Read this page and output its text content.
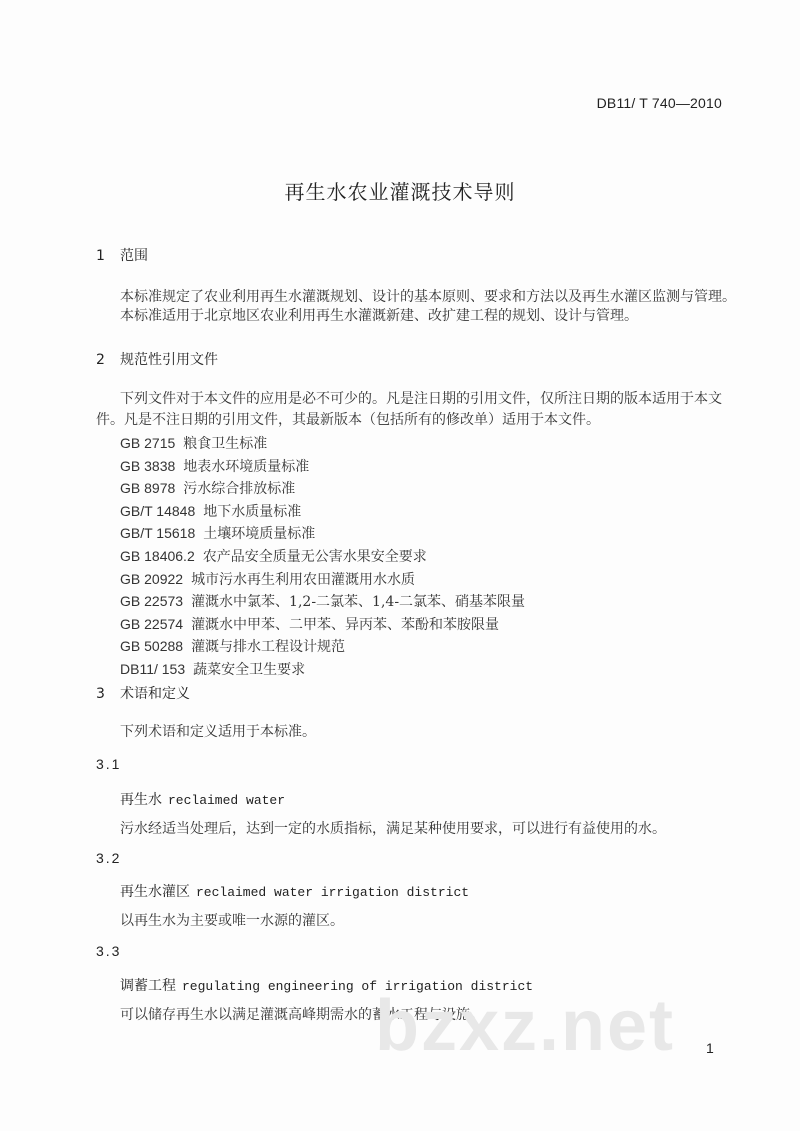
DB11/ T 740—2010
再生水农业灌溉技术导则
1 范围
本标准规定了农业利用再生水灌溉规划、设计的基本原则、要求和方法以及再生水灌区监测与管理。
本标准适用于北京地区农业利用再生水灌溉新建、改扩建工程的规划、设计与管理。
2 规范性引用文件
下列文件对于本文件的应用是必不可少的。凡是注日期的引用文件，仅所注日期的版本适用于本文件。凡是不注日期的引用文件，其最新版本（包括所有的修改单）适用于本文件。
GB 2715 粮食卫生标准
GB 3838 地表水环境质量标准
GB 8978 污水综合排放标准
GB/T 14848 地下水质量标准
GB/T 15618 土壤环境质量标准
GB 18406.2 农产品安全质量无公害水果安全要求
GB 20922 城市污水再生利用农田灌溉用水水质
GB 22573 灌溉水中氯苯、1,2-二氯苯、1,4-二氯苯、硝基苯限量
GB 22574 灌溉水中甲苯、二甲苯、异丙苯、苯酚和苯胺限量
GB 50288 灌溉与排水工程设计规范
DB11/ 153 蔬菜安全卫生要求
3 术语和定义
下列术语和定义适用于本标准。
3.1
再生水 reclaimed water
污水经适当处理后，达到一定的水质指标，满足某种使用要求，可以进行有益使用的水。
3.2
再生水灌区 reclaimed water irrigation district
以再生水为主要或唯一水源的灌区。
3.3
调蓄工程 regulating engineering of irrigation district
可以储存再生水以满足灌溉高峰期需水的蓄水工程与设施。
bzxz.net 1
